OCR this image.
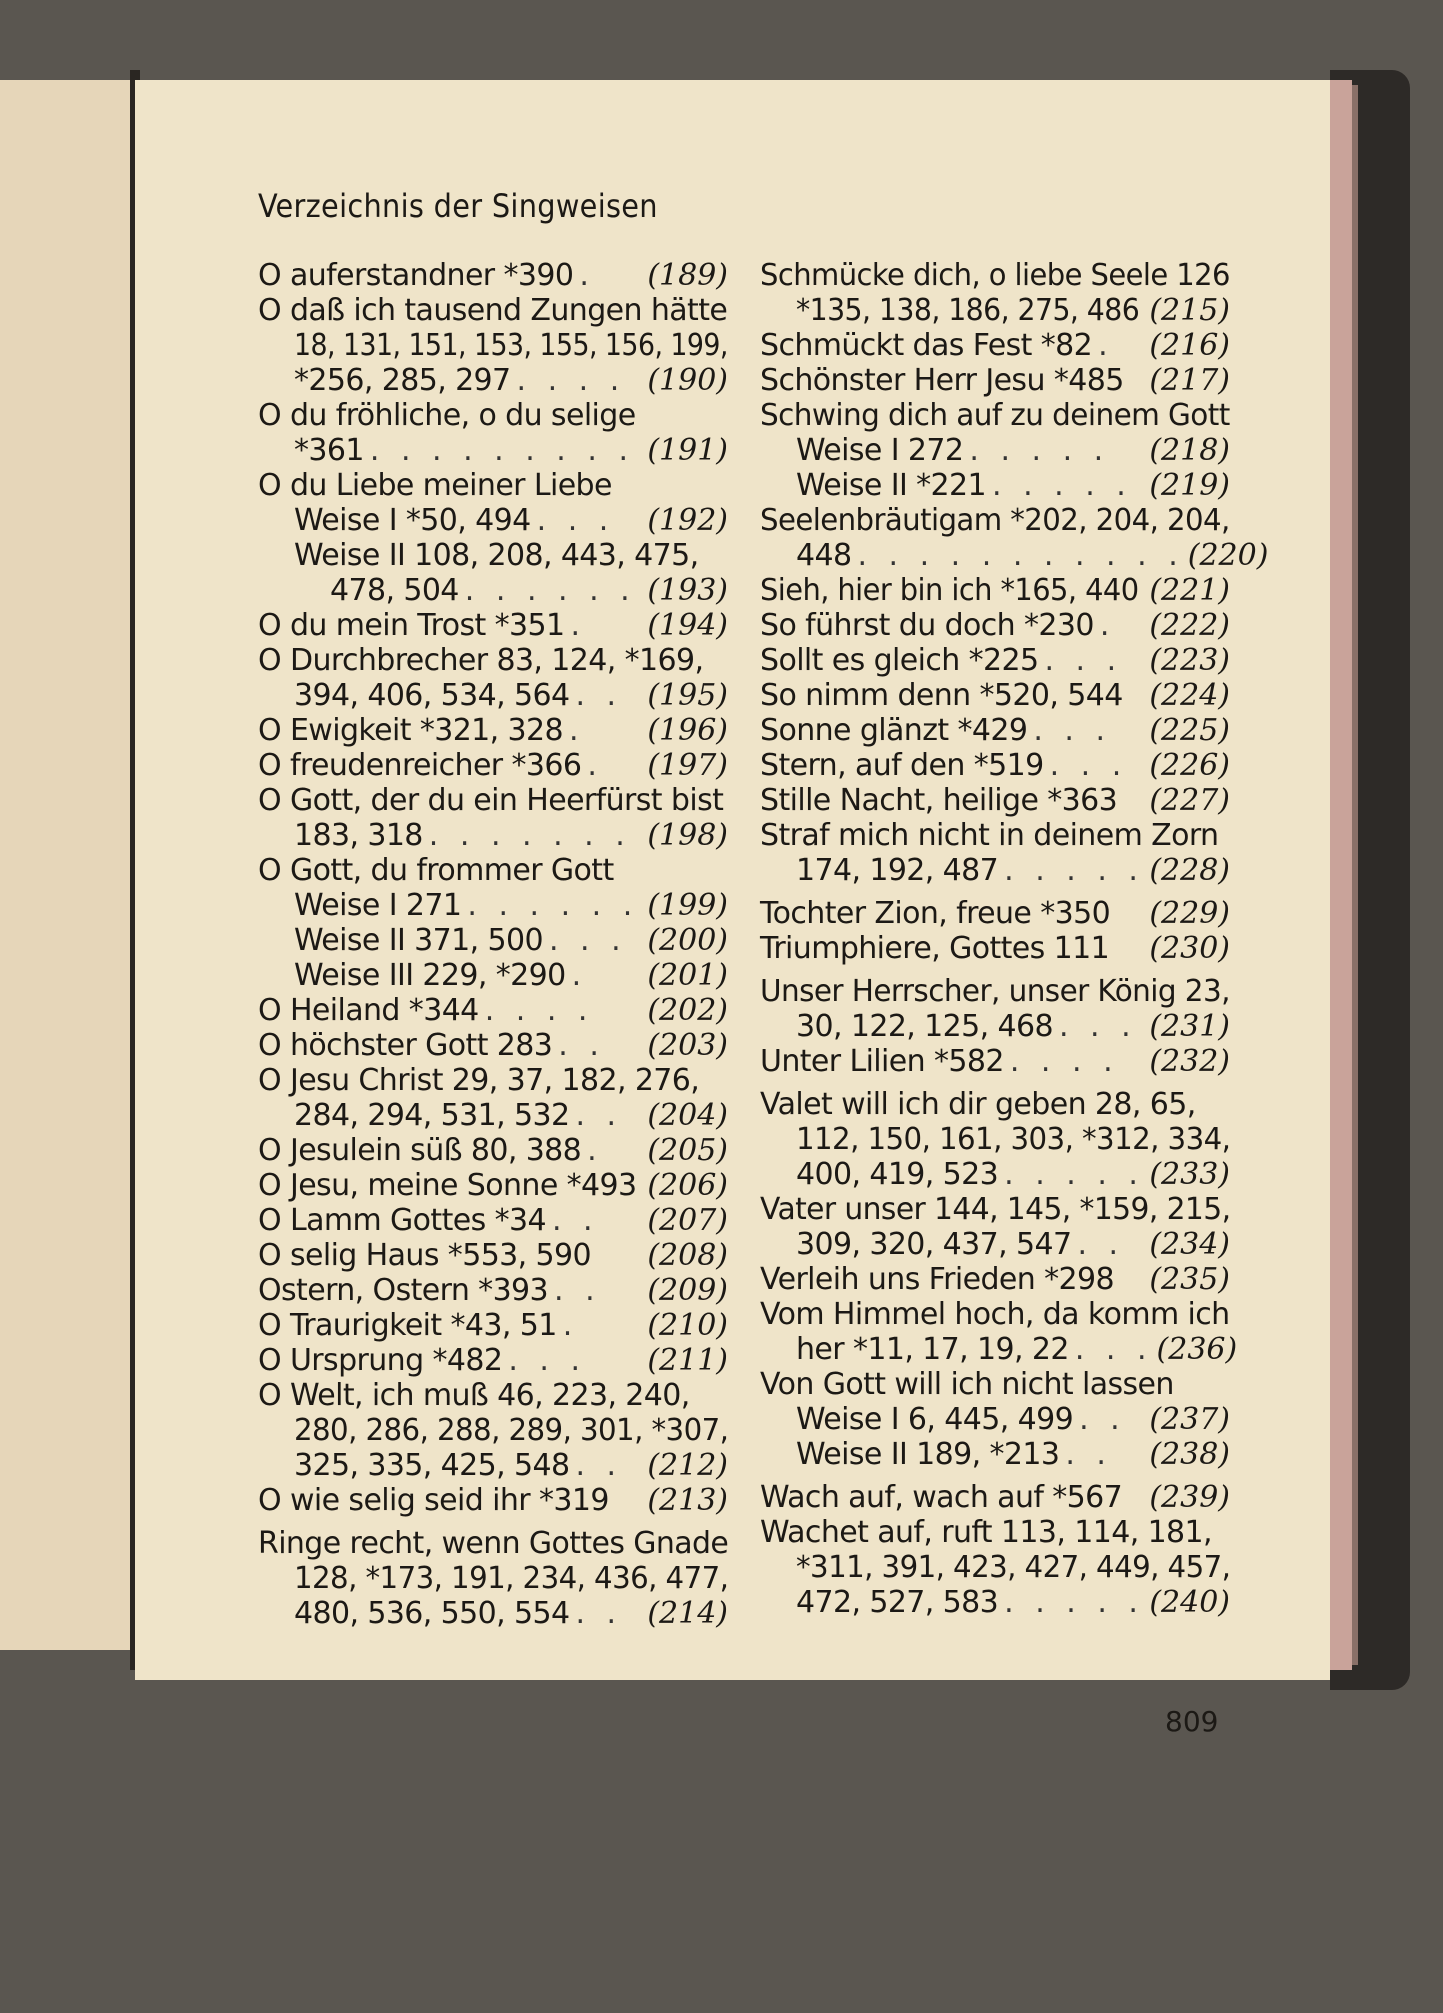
Verzeichnis der Singweisen
O auferstandner *390 .	(189)
O daß ich tausend Zungen hätte
18, 131, 151, 153, 155, 156, 199,
*256, 285, 297 . . . . (190)
O du fröhliche, o du selige
*361 . . . . . . . . . (191)
O du Liebe meiner Liebe
Weise I *50, 494 . . .	(192)
Weise II 108, 208, 443, 475,
478, 504 . . . . . . (193)
O du mein Trost *351 .	(194)
O Durchbrecher 83, 124, *169,
394, 406, 534, 564 . . (195)
O Ewigkeit *321, 328 .	(196)
O freudenreicher *366 .	(197)
O Gott, der du ein Heerfürst bist
183, 318 . . . . . . . (198)
O Gott, du frommer Gott
Weise I 271 . . . . . . (199)
Weise II 371, 500 . . . (200)
Weise III 229, *290 .	(201)
O Heiland *344 . . . .	(202)
O höchster Gott 283 . .	(203)
O Jesu Christ 29, 37, 182, 276,
284, 294, 531, 532 . . (204)
O Jesulein süß 80, 388 .	(205)
O Jesu, meine Sonne *493 (206)
O Lamm Gottes *34 . .	(207)
O selig Haus *553, 590 (208)
Ostern, Ostern *393 . .	(209)
O Traurigkeit *43, 51 .	(210)
O Ursprung *482 . . .	(211)
O Welt, ich muß 46, 223, 240,
280, 286, 288, 289, 301, *307,
325, 335, 425, 548 . . (212)
O wie selig seid ihr *319 (213)
Ringe recht, wenn Gottes Gnade
128, *173, 191, 234, 436, 477,
480, 536, 550, 554 . . (214)
Schmücke dich, o liebe Seele 126
*135, 138, 186, 275, 486 (215)
Schmückt das Fest *82 .	(216)
Schönster Herr Jesu *485 (217)
Schwing dich auf zu deinem Gott
Weise I 272 . . . . .	(218)
Weise II *221 . . . . . (219)
Seelenbräutigam *202, 204, 204,
448 . . . . . . . . . . . (220)
Sieh, hier bin ich *165, 440 (221)
So führst du doch *230 .	(222)
Sollt es gleich *225 . . . (223)
So nimm denn *520, 544 (224)
Sonne glänzt *429 . . .	(225)
Stern, auf den *519 . . . (226)
Stille Nacht, heilige *363 (227)
Straf mich nicht in deinem Zorn
174, 192, 487 . . . . . (228)
Tochter Zion, freue *350 (229)
Triumphiere, Gottes 111 (230)
Unser Herrscher, unser König 23,
30, 122, 125, 468 . . . (231)
Unter Lilien *582 . . . .	(232)
Valet will ich dir geben 28, 65,
112, 150, 161, 303, *312, 334,
400, 419, 523 . . . . . (233)
Vater unser 144, 145, *159, 215,
309, 320, 437, 547 . . (234)
Verleih uns Frieden *298 (235)
Vom Himmel hoch, da komm ich
her *11, 17, 19, 22 . . . (236)
Von Gott will ich nicht lassen
Weise I 6, 445, 499 . . (237)
Weise II 189, *213 . .	(238)
Wach auf, wach auf *567 (239)
Wachet auf, ruft 113, 114, 181,
*311, 391, 423, 427, 449, 457,
472, 527, 583 . . . . . (240)
809
